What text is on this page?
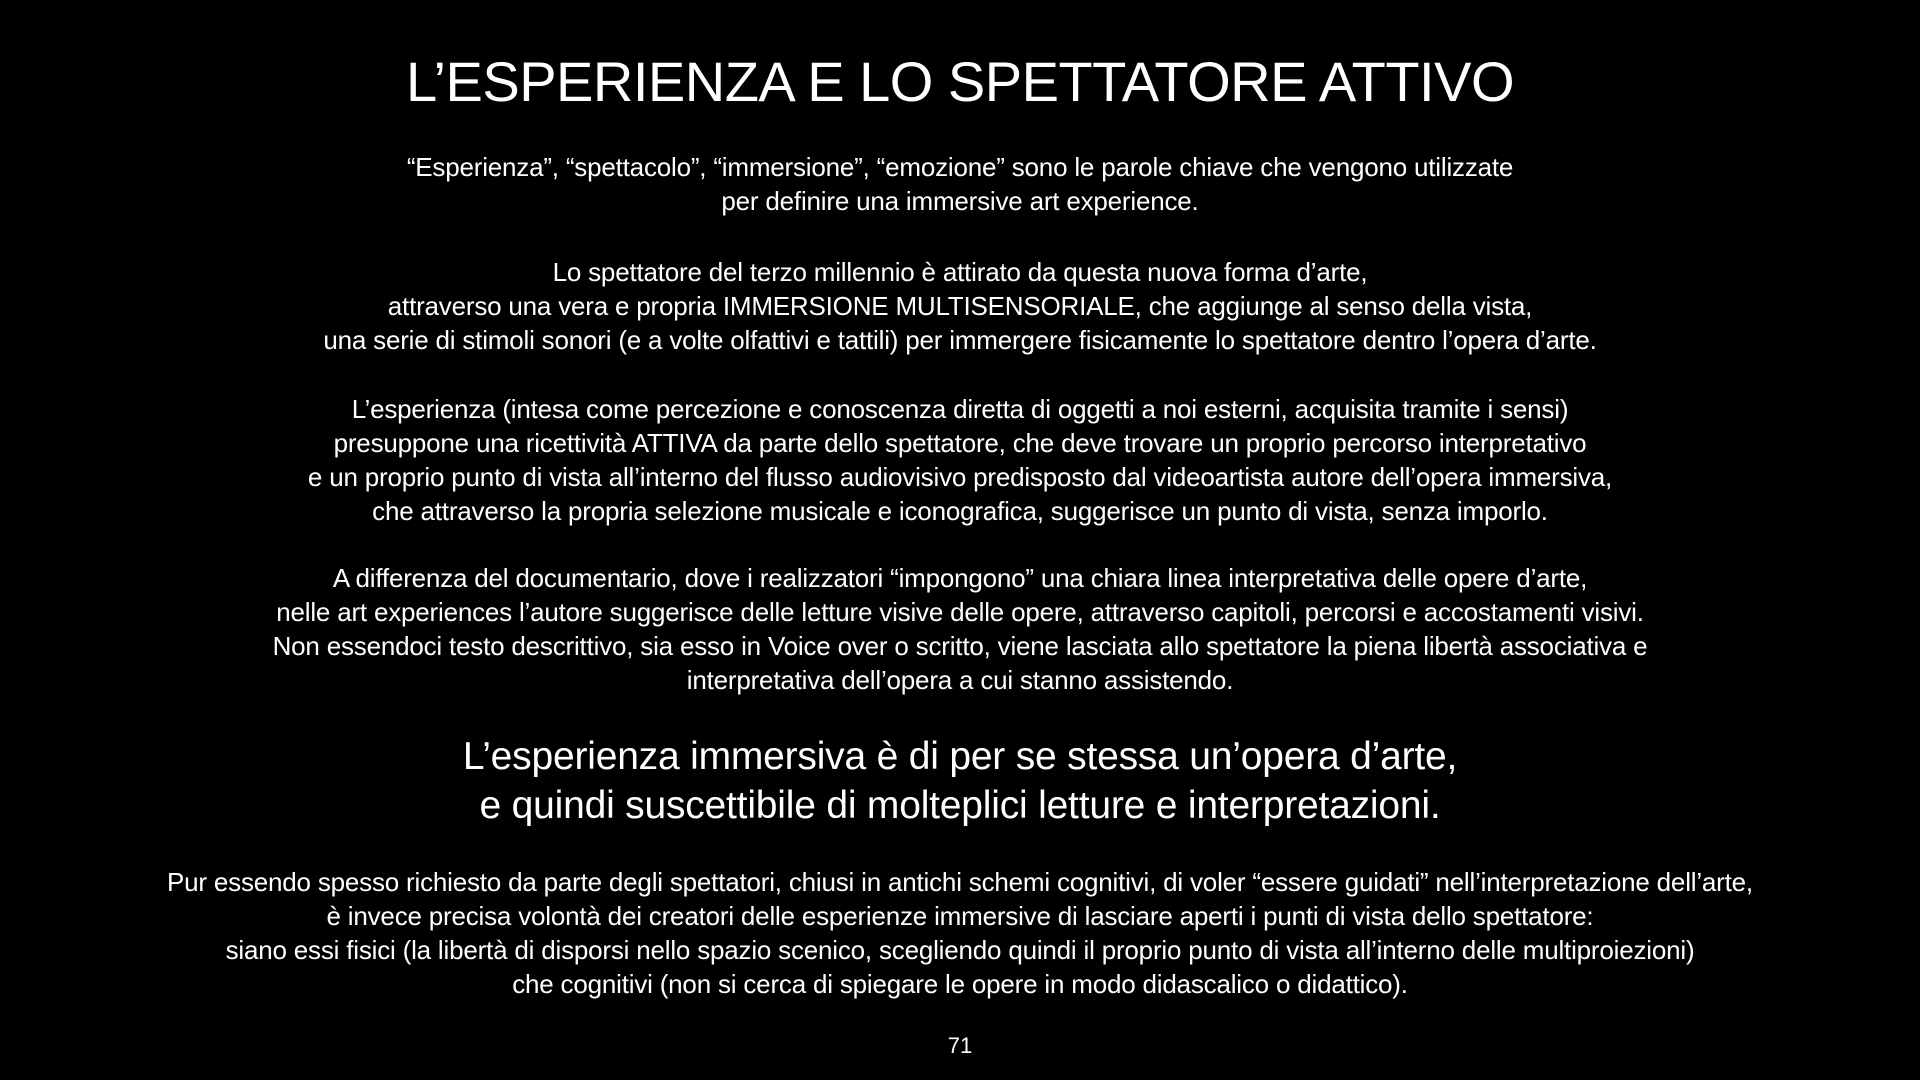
L’ESPERIENZA E LO SPETTATORE ATTIVO
“Esperienza”, “spettacolo”, “immersione”, “emozione” sono le parole chiave che vengono utilizzate
per definire una immersive art experience.
Lo spettatore del terzo millennio è attirato da questa nuova forma d’arte,
attraverso una vera e propria IMMERSIONE MULTISENSORIALE, che aggiunge al senso della vista,
una serie di stimoli sonori (e a volte olfattivi e tattili) per immergere fisicamente lo spettatore dentro l’opera d’arte.
L’esperienza (intesa come percezione e conoscenza diretta di oggetti a noi esterni, acquisita tramite i sensi)
presuppone una ricettività ATTIVA da parte dello spettatore, che deve trovare un proprio percorso interpretativo
e un proprio punto di vista all’interno del flusso audiovisivo predisposto dal videoartista autore dell’opera immersiva,
che attraverso la propria selezione musicale e iconografica, suggerisce un punto di vista, senza imporlo.
A differenza del documentario, dove i realizzatori “impongono” una chiara linea interpretativa delle opere d’arte,
nelle art experiences l’autore suggerisce delle letture visive delle opere, attraverso capitoli, percorsi e accostamenti visivi.
Non essendoci testo descrittivo, sia esso in Voice over o scritto, viene lasciata allo spettatore la piena libertà associativa e
interpretativa dell’opera a cui stanno assistendo.
L’esperienza immersiva è di per se stessa un’opera d’arte,
e quindi suscettibile di molteplici letture e interpretazioni.
Pur essendo spesso richiesto da parte degli spettatori, chiusi in antichi schemi cognitivi, di voler “essere guidati” nell’interpretazione dell’arte,
è invece precisa volontà dei creatori delle esperienze immersive di lasciare aperti i punti di vista dello spettatore:
siano essi fisici (la libertà di disporsi nello spazio scenico, scegliendo quindi il proprio punto di vista all’interno delle multiproiezioni)
che cognitivi (non si cerca di spiegare le opere in modo didascalico o didattico).
71
